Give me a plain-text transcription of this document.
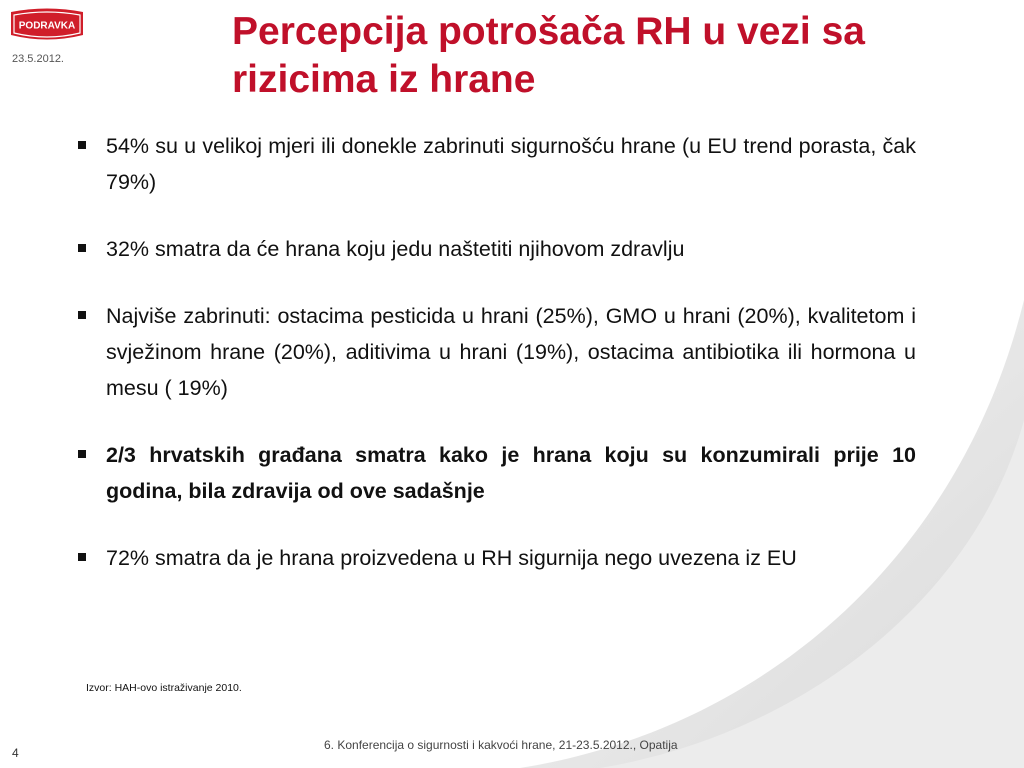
PODRAVKA
23.5.2012.
Percepcija potrošača RH u vezi sa
rizicima iz hrane
54% su u velikoj mjeri ili donekle zabrinuti sigurnošću hrane (u EU trend porasta, čak 79%)
32% smatra da će hrana koju jedu naštetiti njihovom zdravlju
Najviše zabrinuti: ostacima pesticida u hrani (25%), GMO u hrani (20%), kvalitetom i svježinom hrane (20%), aditivima u hrani (19%), ostacima antibiotika ili hormona u mesu ( 19%)
2/3 hrvatskih građana smatra kako je hrana koju su konzumirali prije 10 godina, bila zdravija od ove sadašnje
72% smatra da je hrana proizvedena u RH sigurnija nego uvezena iz EU
Izvor: HAH-ovo istraživanje 2010.
4
6. Konferencija o sigurnosti i kakvoći hrane, 21-23.5.2012., Opatija
